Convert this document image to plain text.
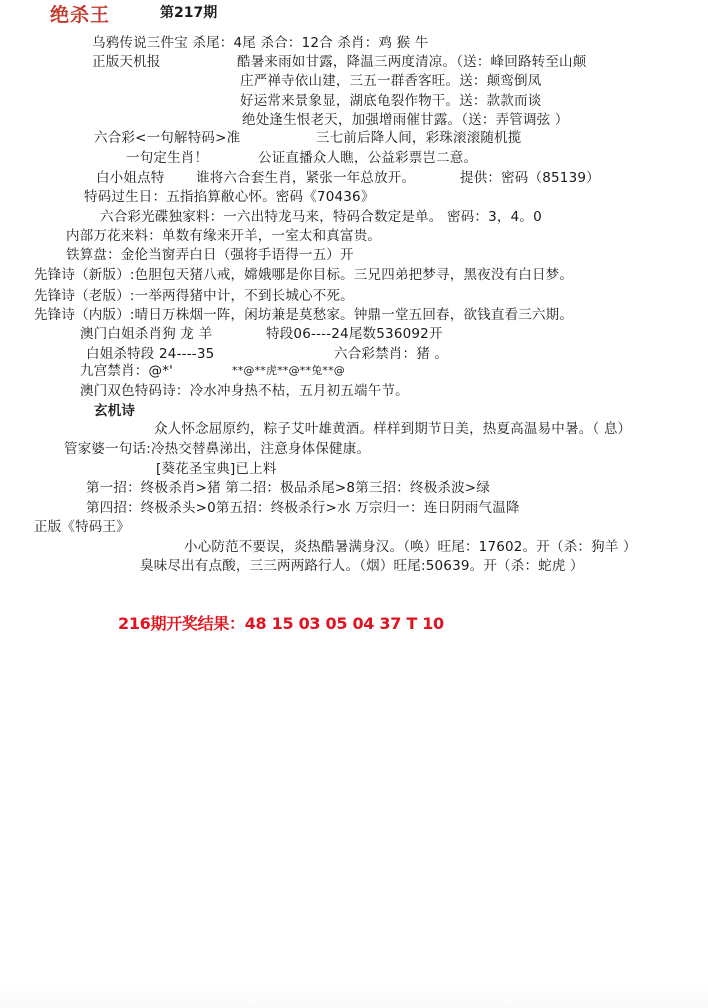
绝杀王	第217期
乌鸦传说三件宝 杀尾：4尾 杀合：12合 杀肖：鸡 猴 牛
正版天机报	酷暑来雨如甘露，降温三两度清凉。（送：峰回路转至山颠
庄严禅寺依山建，三五一群香客旺。送：颠鸾倒凤
好运常来景象显，湖底龟裂作物干。送：款款而谈
绝处逢生恨老天，加强增雨催甘露。（送：弄管调弦 ）
六合彩<一句解特码>准	三七前后降人间，彩珠滚滚随机揽
一句定生肖！	公证直播众人瞧，公益彩票岂二意。
白小姐点特 谁将六合套生肖，紧张一年总放开。	提供：密码（85139）
特码过生日：五指掐算敝心怀。密码《70436》
六合彩光碟独家料：一六出特龙马来，特码合数定是单。 密码：3，4。0
内部万花来料：单数有缘来开羊，一室太和真富贵。
铁算盘：金伦当窗弄白日（强将手语得一五）开
先锋诗（新版）:色胆包天猪八戒，嫦娥哪是你目标。三兄四弟把梦寻，黑夜没有白日梦。
先锋诗（老版）:一举两得猪中计，不到长城心不死。
先锋诗（内版）:晴日万株烟一阵，闲坊兼是莫愁家。钟鼎一堂五回春，欲钱直看三六期。
澳门白姐杀肖狗 龙 羊	特段06----24尾数536092开
白姐杀特段 24----35	六合彩禁肖：猪 。
九宫禁肖：@*'	**@**虎**@**兔**@
澳门双色特码诗：冷水冲身热不枯，五月初五端午节。
玄机诗
众人怀念屈原约，粽子艾叶雄黄酒。样样到期节日美，热夏高温易中暑。（ 息）
管家婆一句话:冷热交替鼻涕出，注意身体保健康。
[葵花圣宝典]已上料
第一招：终极杀肖>猪 第二招：极品杀尾>8第三招：终极杀波>绿
第四招：终极杀头>0第五招：终极杀行>水 万宗归一：连日阴雨气温降
正版《特码王》
小心防范不要误，炎热酷暑满身汉。（唤）旺尾：17602。开（杀：狗羊 ）
臭味尽出有点酸，三三两两路行人。（烟）旺尾:50639。开（杀：蛇虎 ）
216期开奖结果：48 15 03 05 04 37 T 10
